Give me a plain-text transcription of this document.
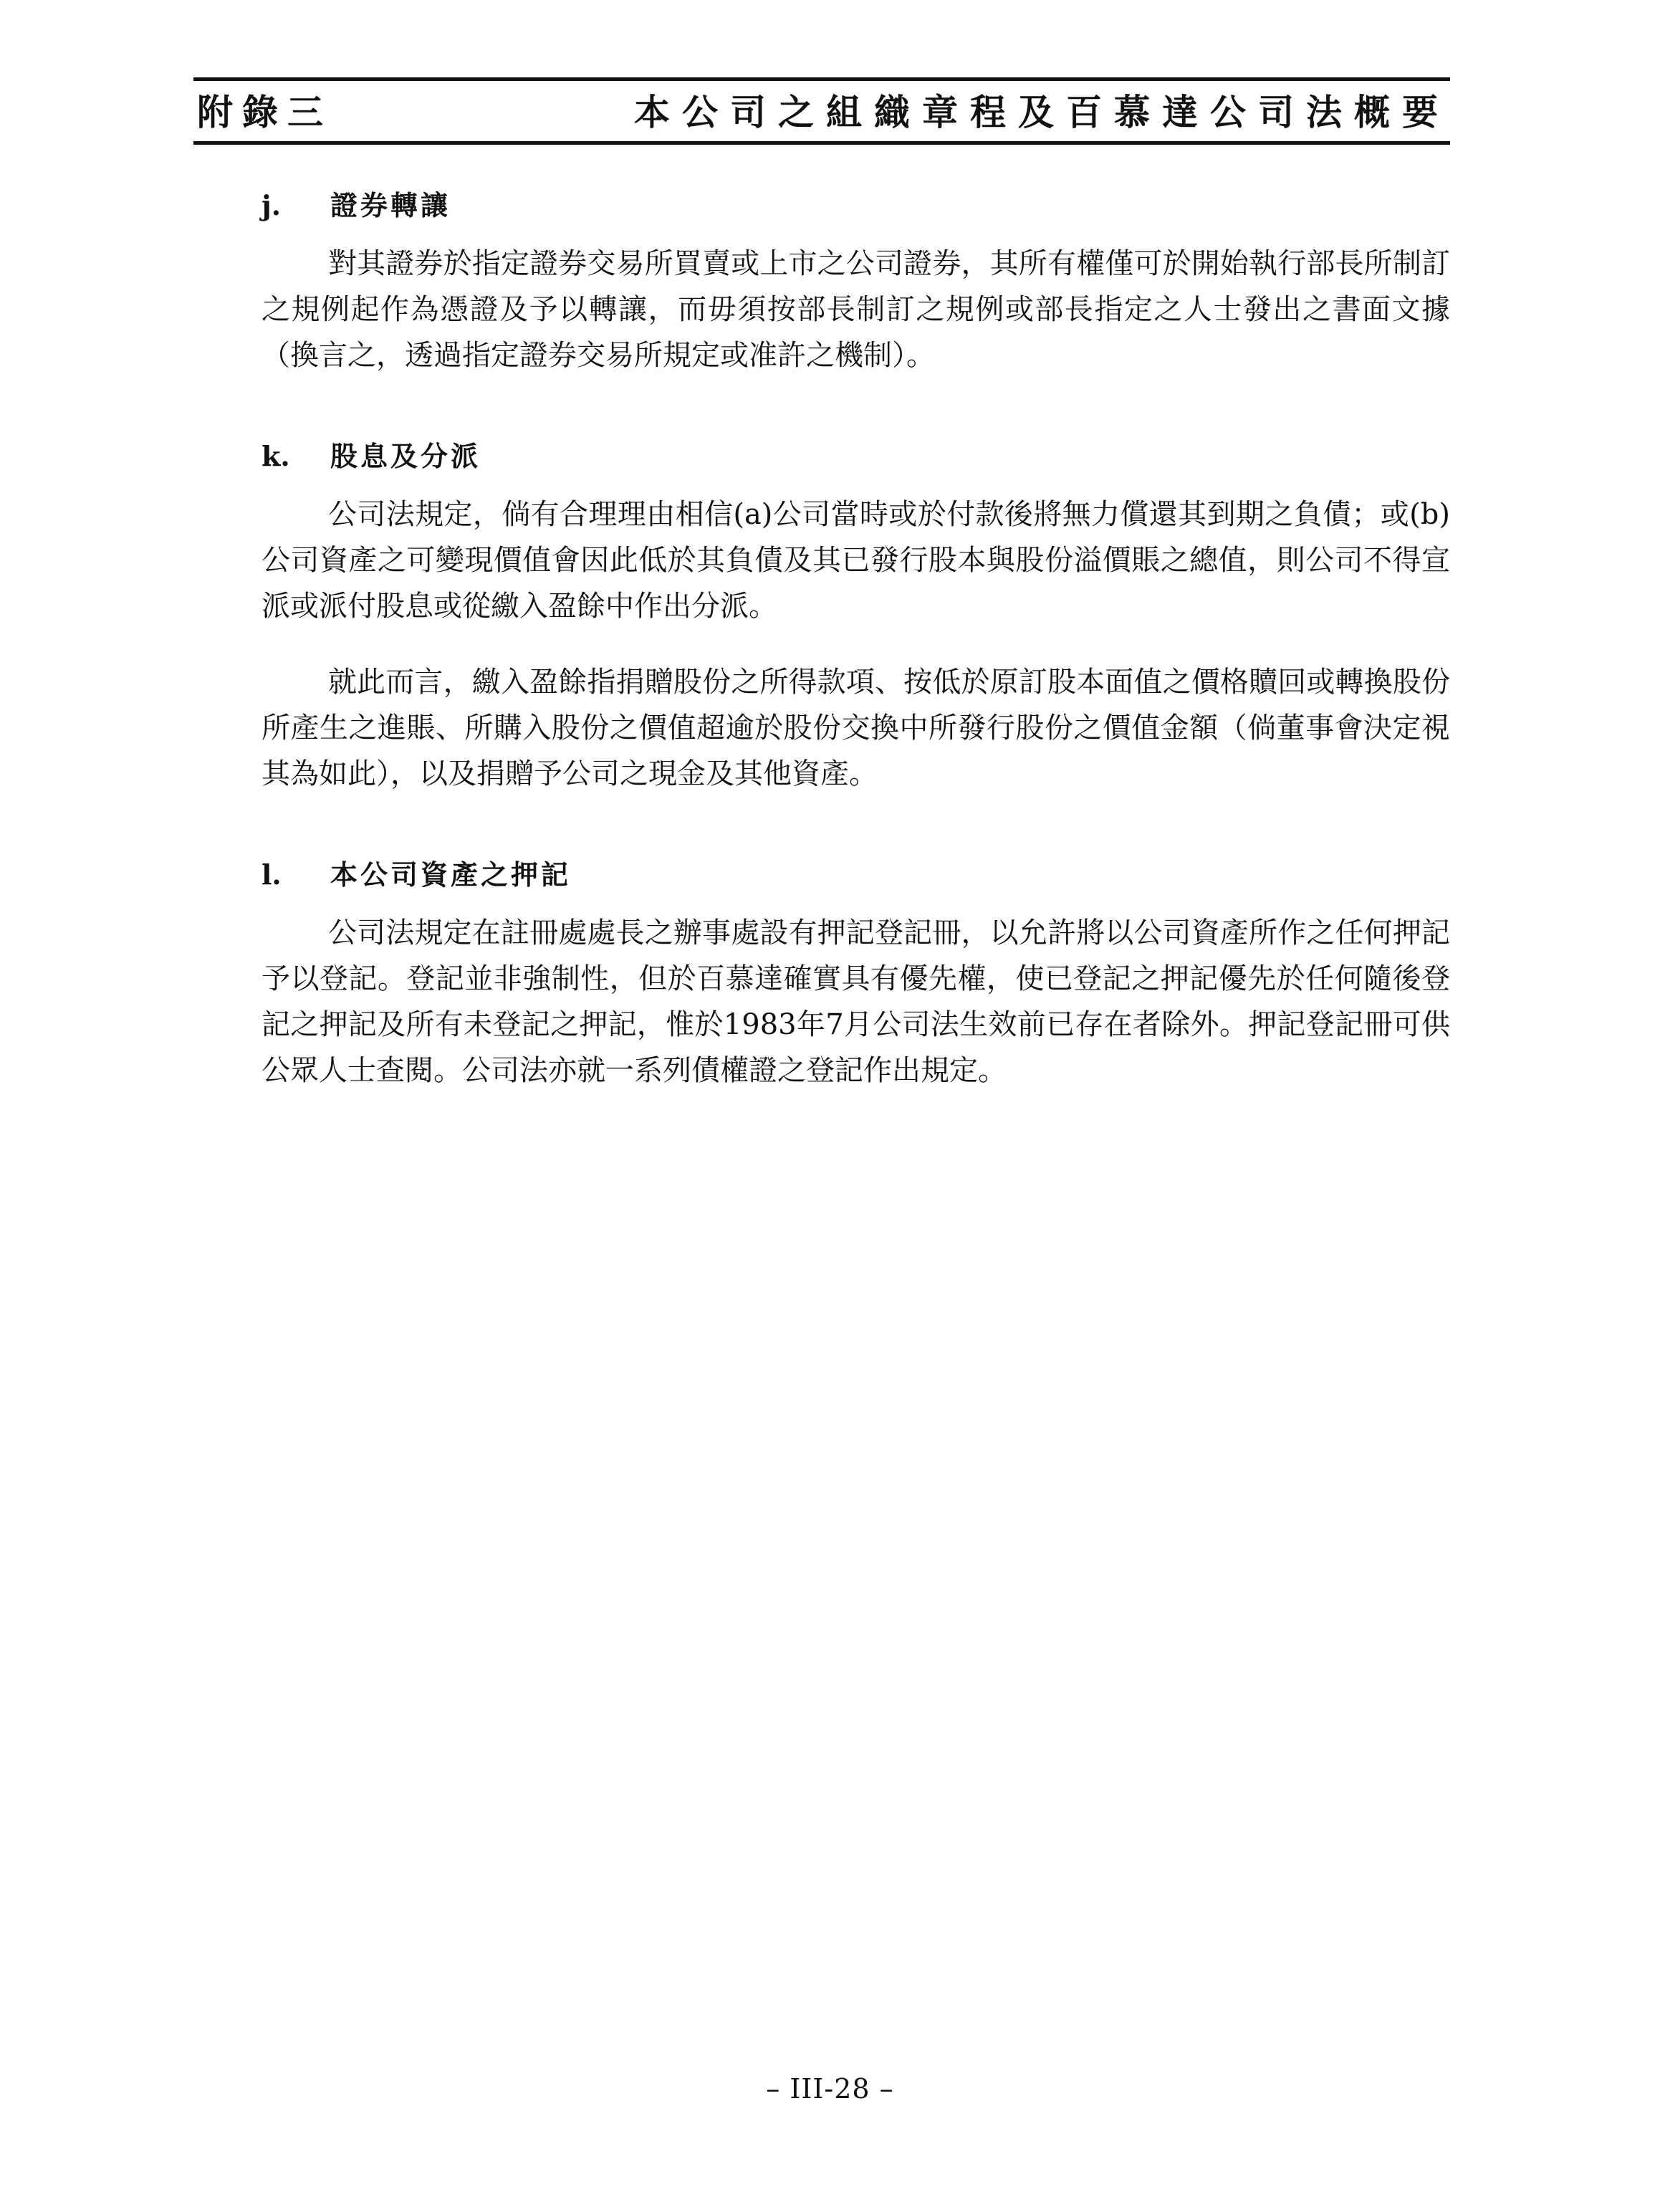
附錄三	本公司之組織章程及百慕達公司法概要
j. 證券轉讓

對其證券於指定證券交易所買賣或上市之公司證券，其所有權僅可於開始執行部長所制訂之規例起作為憑證及予以轉讓，而毋須按部長制訂之規例或部長指定之人士發出之書面文據（換言之，透過指定證券交易所規定或准許之機制）。

k. 股息及分派

公司法規定，倘有合理理由相信(a)公司當時或於付款後將無力償還其到期之負債；或(b)公司資產之可變現價值會因此低於其負債及其已發行股本與股份溢價賬之總值，則公司不得宣派或派付股息或從繳入盈餘中作出分派。

就此而言，繳入盈餘指捐贈股份之所得款項、按低於原訂股本面值之價格贖回或轉換股份所產生之進賬、所購入股份之價值超逾於股份交換中所發行股份之價值金額（倘董事會決定視其為如此），以及捐贈予公司之現金及其他資產。

l. 本公司資產之押記

公司法規定在註冊處處長之辦事處設有押記登記冊，以允許將以公司資產所作之任何押記予以登記。登記並非強制性，但於百慕達確實具有優先權，使已登記之押記優先於任何隨後登記之押記及所有未登記之押記，惟於1983年7月公司法生效前已存在者除外。押記登記冊可供公眾人士查閱。公司法亦就一系列債權證之登記作出規定。

– III-28 –
